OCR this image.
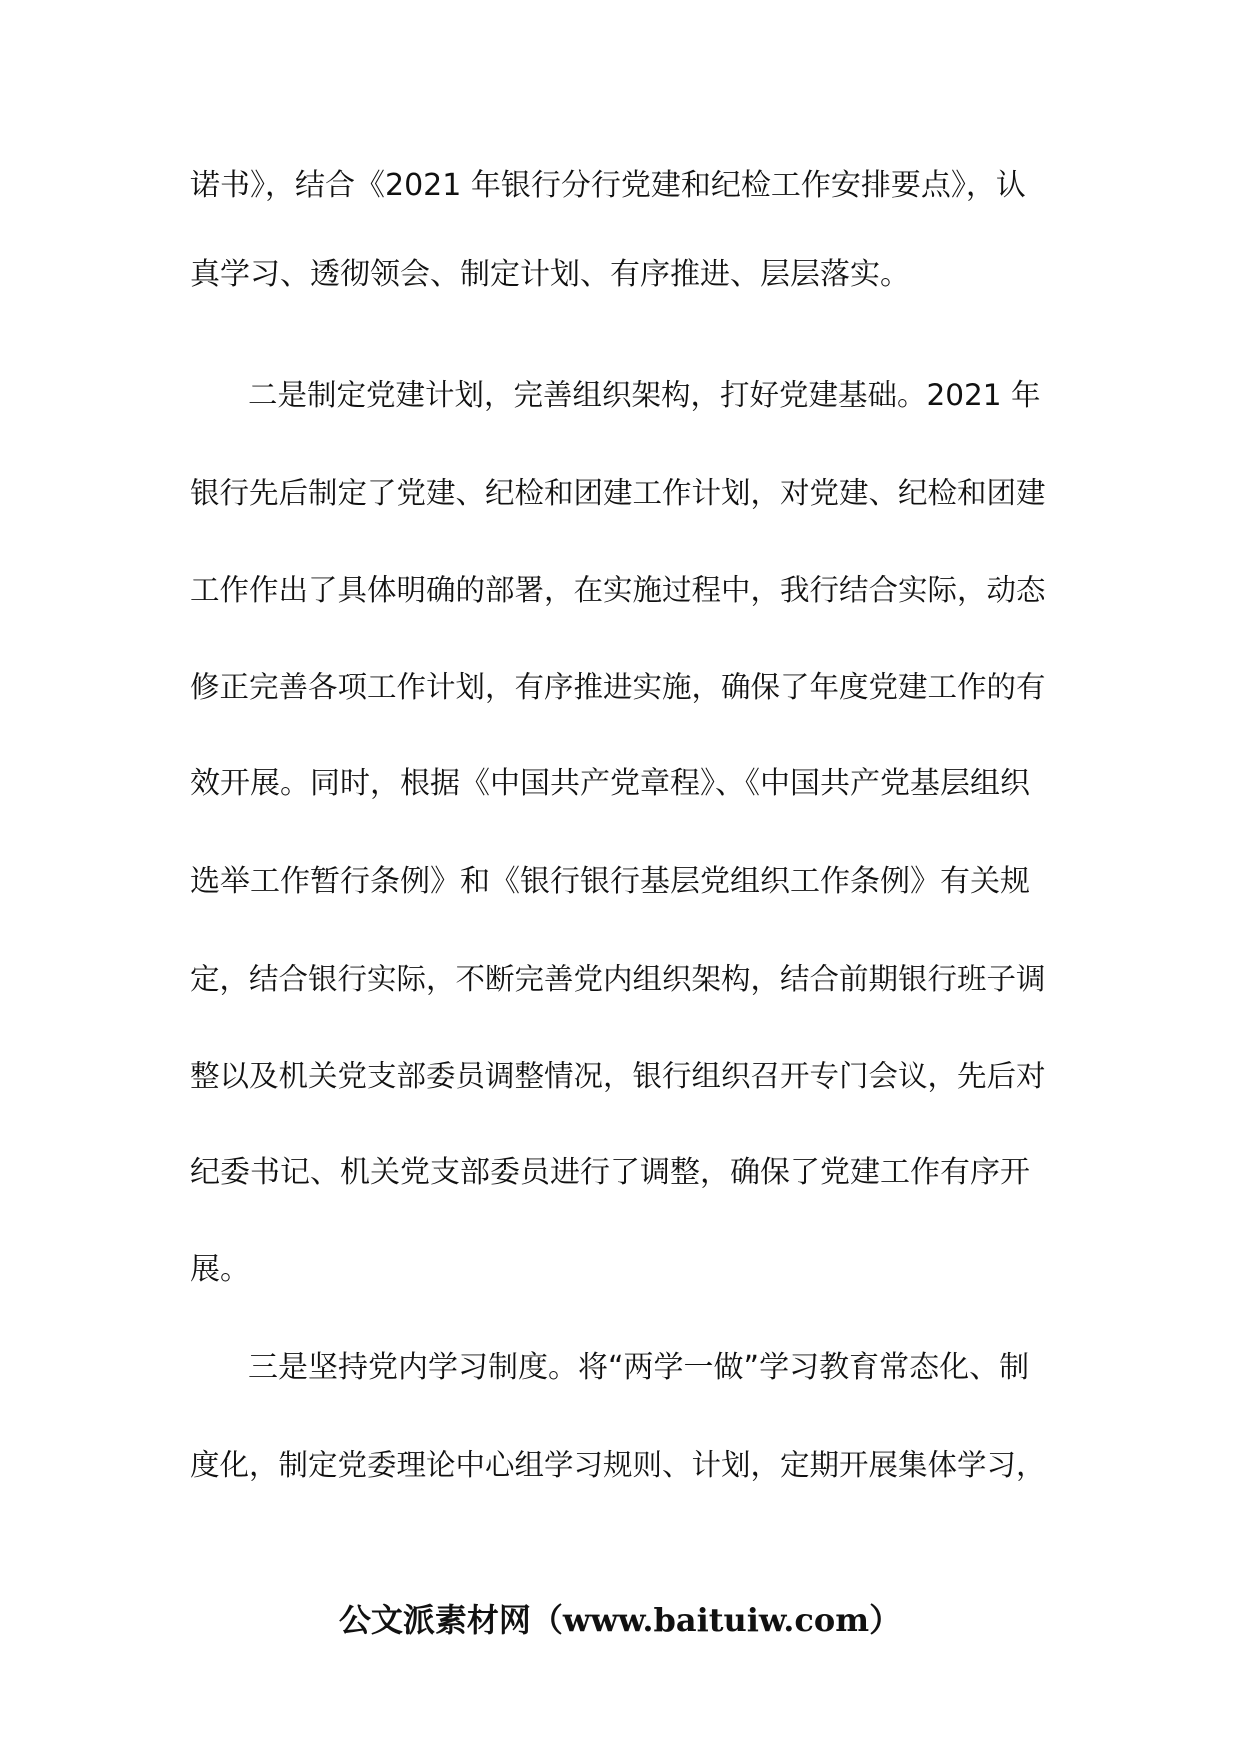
诺书》，结合《2021 年银行分行党建和纪检工作安排要点》，认
真学习、透彻领会、制定计划、有序推进、层层落实。
二是制定党建计划，完善组织架构，打好党建基础。2021 年
银行先后制定了党建、纪检和团建工作计划，对党建、纪检和团建
工作作出了具体明确的部署，在实施过程中，我行结合实际，动态
修正完善各项工作计划，有序推进实施，确保了年度党建工作的有
效开展。同时，根据《中国共产党章程》、《中国共产党基层组织
选举工作暂行条例》和《银行银行基层党组织工作条例》有关规
定，结合银行实际，不断完善党内组织架构，结合前期银行班子调
整以及机关党支部委员调整情况，银行组织召开专门会议，先后对
纪委书记、机关党支部委员进行了调整，确保了党建工作有序开
展。
三是坚持党内学习制度。将“两学一做”学习教育常态化、制
度化，制定党委理论中心组学习规则、计划，定期开展集体学习，
公文派素材网（www.baituiw.com）
